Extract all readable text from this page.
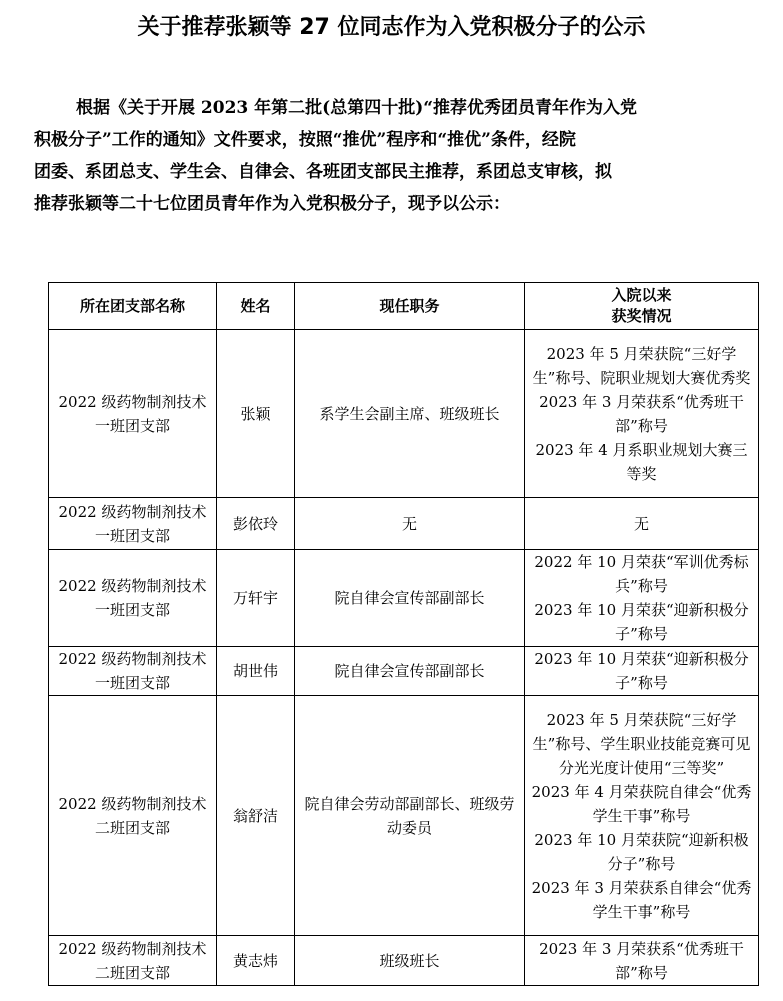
关于推荐张颖等 27 位同志作为入党积极分子的公示

根据《关于开展 2023 年第二批(总第四十批)“推荐优秀团员青年作为入党
积极分子”工作的通知》文件要求，按照“推优”程序和“推优”条件，经院
团委、系团总支、学生会、自律会、各班团支部民主推荐，系团总支审核，拟
推荐张颖等二十七位团员青年作为入党积极分子，现予以公示：

所在团支部名称	姓名	现任职务	入院以来
获奖情况

2022 级药物制剂技术一班团支部	张颖	系学生会副主席、班级班长	2023 年 5 月荣获院“三好学生”称号、院职业规划大赛优秀奖
2023 年 3 月荣获系“优秀班干部”称号
2023 年 4 月系职业规划大赛三等奖

2022 级药物制剂技术一班团支部	彭依玲	无	无

2022 级药物制剂技术一班团支部	万轩宇	院自律会宣传部副部长	2022 年 10 月荣获“军训优秀标兵”称号
2023 年 10 月荣获“迎新积极分子”称号

2022 级药物制剂技术一班团支部	胡世伟	院自律会宣传部副部长	2023 年 10 月荣获“迎新积极分子”称号

2022 级药物制剂技术二班团支部	翁舒洁	院自律会劳动部副部长、班级劳动委员	2023 年 5 月荣获院“三好学生”称号、学生职业技能竞赛可见分光光度计使用“三等奖”
2023 年 4 月荣获院自律会“优秀学生干事”称号
2023 年 10 月荣获院“迎新积极分子”称号
2023 年 3 月荣获系自律会“优秀学生干事”称号

2022 级药物制剂技术二班团支部	黄志炜	班级班长	2023 年 3 月荣获系“优秀班干部”称号
